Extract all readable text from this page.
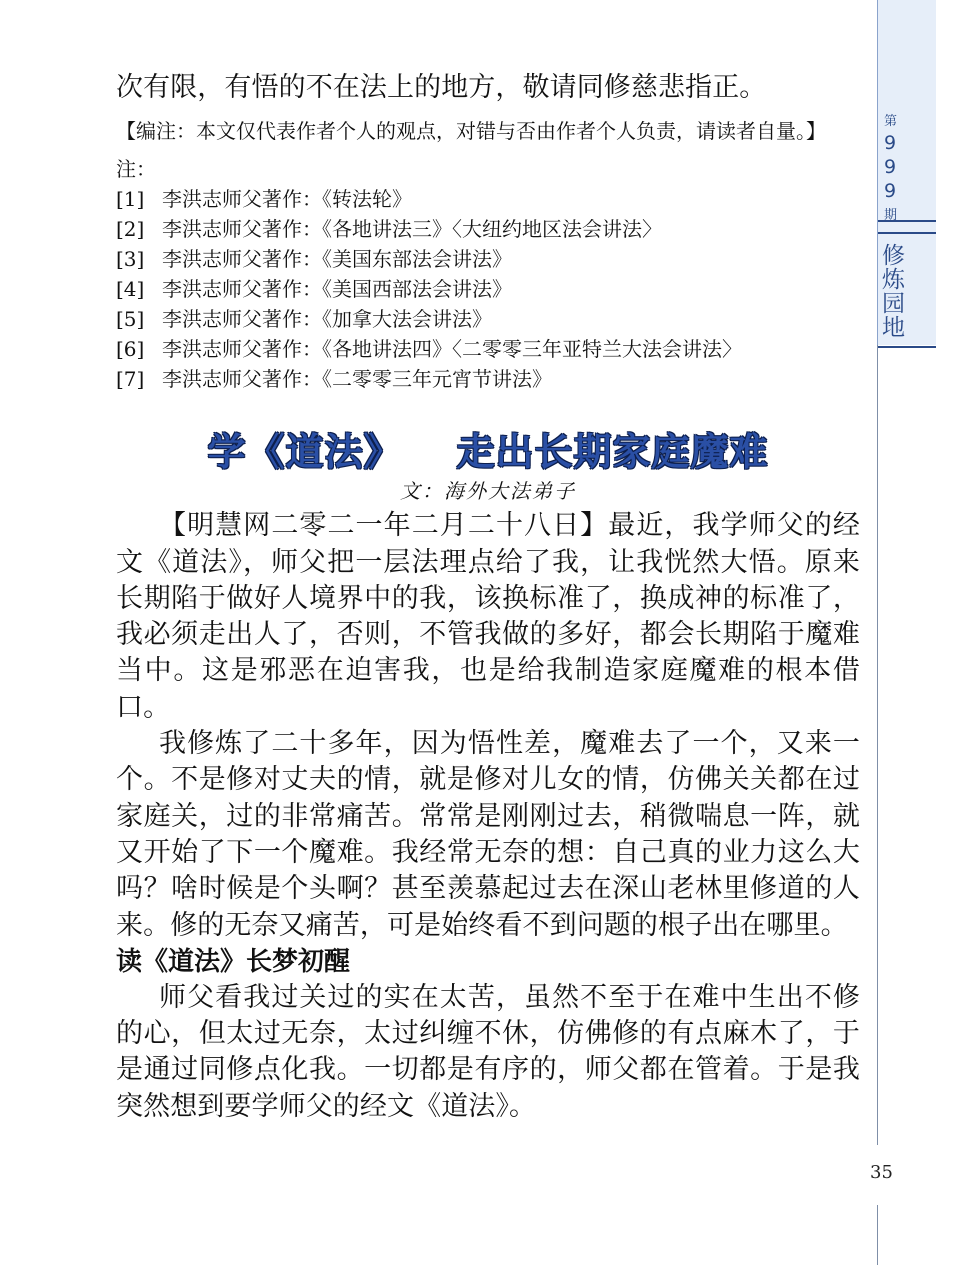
第
9
9
9
期
修
炼
园
地

次有限，有悟的不在法上的地方，敬请同修慈悲指正。

【编注：本文仅代表作者个人的观点，对错与否由作者个人负责，请读者自量。】

注：

[1] 李洪志师父著作：《转法轮》
[2] 李洪志师父著作：《各地讲法三》〈大纽约地区法会讲法〉
[3] 李洪志师父著作：《美国东部法会讲法》
[4] 李洪志师父著作：《美国西部法会讲法》
[5] 李洪志师父著作：《加拿大法会讲法》
[6] 李洪志师父著作：《各地讲法四》〈二零零三年亚特兰大法会讲法〉
[7] 李洪志师父著作：《二零零三年元宵节讲法》
学《道法》 走出长期家庭魔难

文：海外大法弟子

【明慧网二零二一年二月二十八日】最近，我学师父的经文《道法》，师父把一层法理点给了我，让我恍然大悟。原来长期陷于做好人境界中的我，该换标准了，换成神的标准了，我必须走出人了，否则，不管我做的多好，都会长期陷于魔难当中。这是邪恶在迫害我，也是给我制造家庭魔难的根本借口。

我修炼了二十多年，因为悟性差，魔难去了一个，又来一个。不是修对丈夫的情，就是修对儿女的情，仿佛关关都在过家庭关，过的非常痛苦。常常是刚刚过去，稍微喘息一阵，就又开始了下一个魔难。我经常无奈的想：自己真的业力这么大吗？啥时候是个头啊？甚至羡慕起过去在深山老林里修道的人来。修的无奈又痛苦，可是始终看不到问题的根子出在哪里。

读《道法》长梦初醒

师父看我过关过的实在太苦，虽然不至于在难中生出不修的心，但太过无奈，太过纠缠不休，仿佛修的有点麻木了，于是通过同修点化我。一切都是有序的，师父都在管着。于是我突然想到要学师父的经文《道法》。

35
